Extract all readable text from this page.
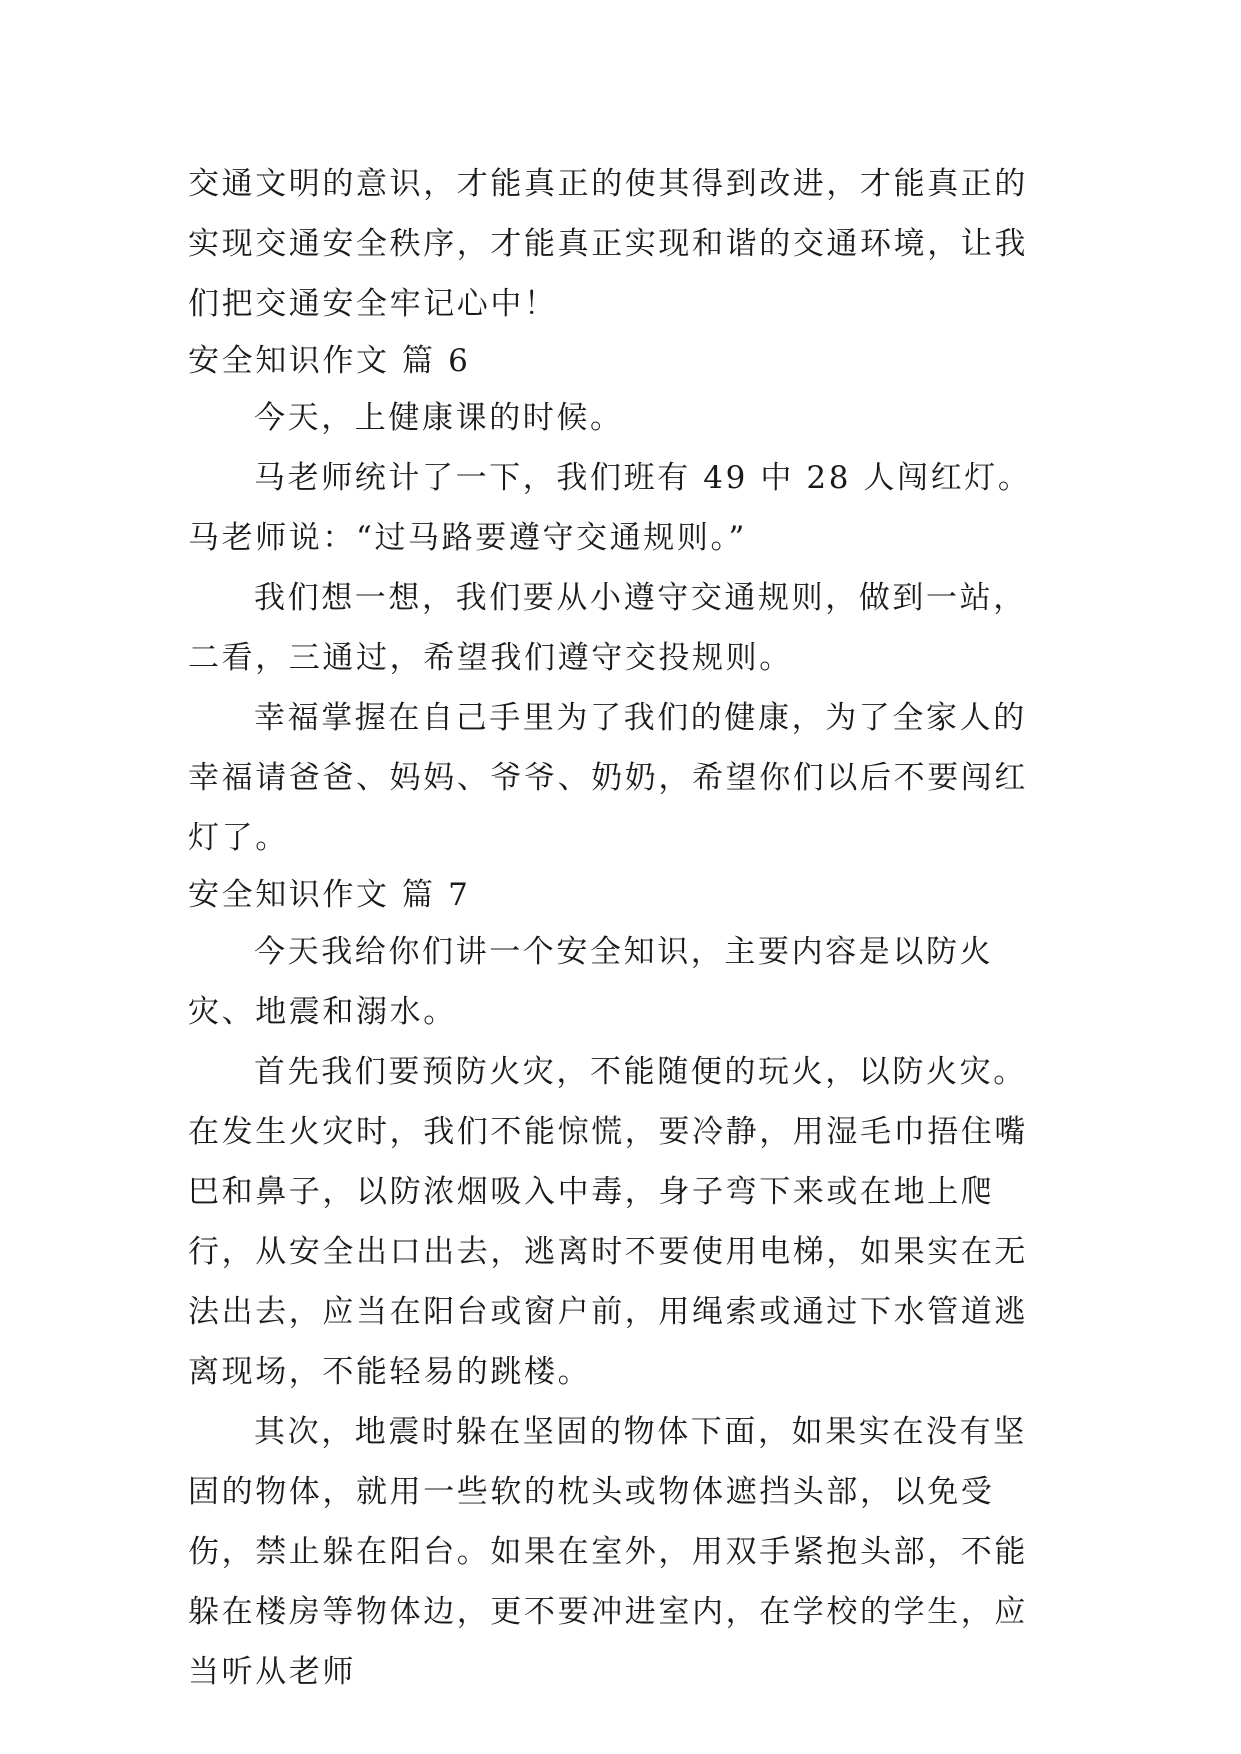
交通文明的意识，才能真正的使其得到改进，才能真正的实现交通安全秩序，才能真正实现和谐的交通环境，让我们把交通安全牢记心中！

安全知识作文 篇 6

今天，上健康课的时候。

马老师统计了一下，我们班有 49 中 28 人闯红灯。马老师说：“过马路要遵守交通规则。”

我们想一想，我们要从小遵守交通规则，做到一站，二看，三通过，希望我们遵守交投规则。

幸福掌握在自己手里为了我们的健康，为了全家人的幸福请爸爸、妈妈、爷爷、奶奶，希望你们以后不要闯红灯了。

安全知识作文 篇 7

今天我给你们讲一个安全知识，主要内容是以防火灾、地震和溺水。

首先我们要预防火灾，不能随便的玩火，以防火灾。在发生火灾时，我们不能惊慌，要冷静，用湿毛巾捂住嘴巴和鼻子，以防浓烟吸入中毒，身子弯下来或在地上爬行，从安全出口出去，逃离时不要使用电梯，如果实在无法出去，应当在阳台或窗户前，用绳索或通过下水管道逃离现场，不能轻易的跳楼。

其次，地震时躲在坚固的物体下面，如果实在没有坚固的物体，就用一些软的枕头或物体遮挡头部，以免受伤，禁止躲在阳台。如果在室外，用双手紧抱头部，不能躲在楼房等物体边，更不要冲进室内，在学校的学生，应当听从老师
